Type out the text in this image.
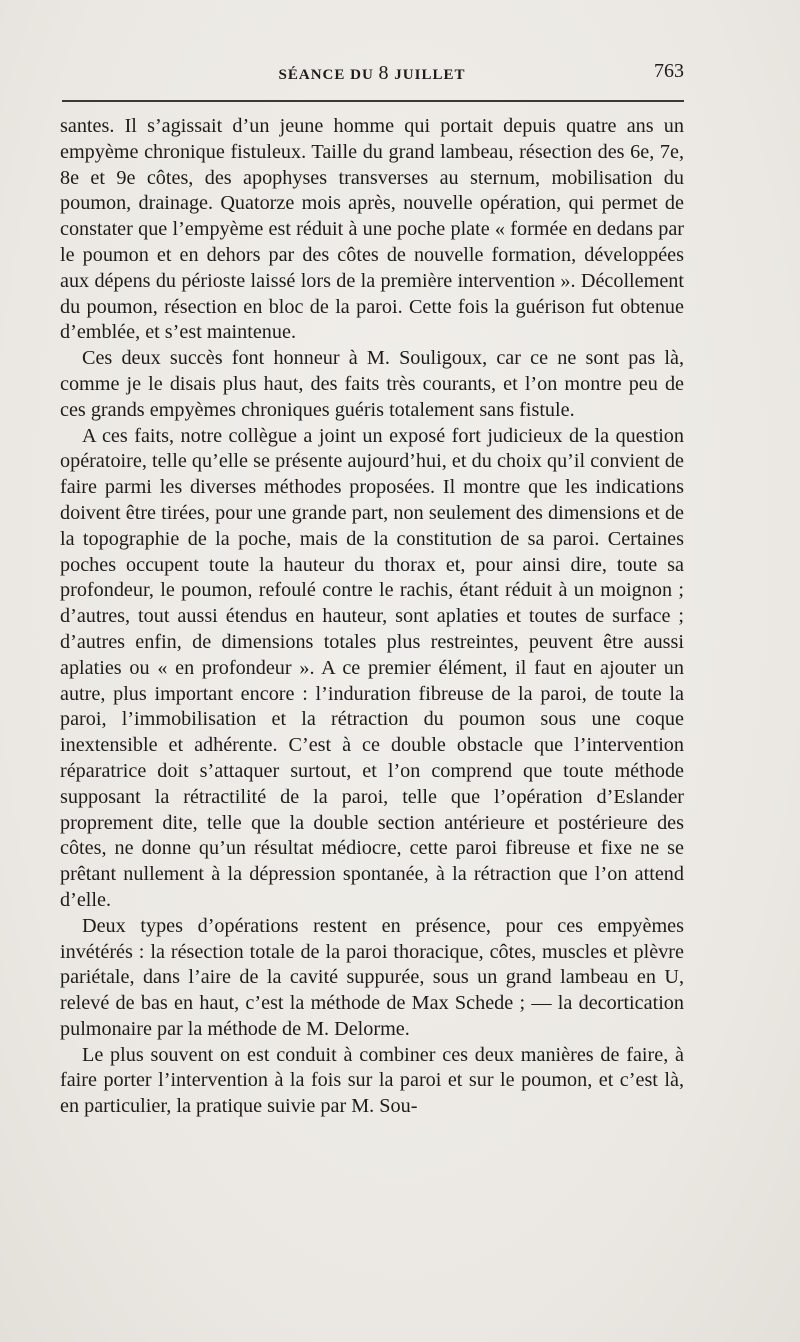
SÉANCE DU 8 JUILLET	763

santes. Il s’agissait d’un jeune homme qui portait depuis quatre ans un empyème chronique fistuleux. Taille du grand lambeau, résection des 6e, 7e, 8e et 9e côtes, des apophyses transverses au sternum, mobilisation du poumon, drainage. Quatorze mois après, nouvelle opération, qui permet de constater que l’empyème est réduit à une poche plate « formée en dedans par le poumon et en dehors par des côtes de nouvelle formation, développées aux dépens du périoste laissé lors de la première intervention ». Décollement du poumon, résection en bloc de la paroi. Cette fois la guérison fut obtenue d’emblée, et s’est maintenue.

Ces deux succès font honneur à M. Souligoux, car ce ne sont pas là, comme je le disais plus haut, des faits très courants, et l’on montre peu de ces grands empyèmes chroniques guéris totalement sans fistule.

A ces faits, notre collègue a joint un exposé fort judicieux de la question opératoire, telle qu’elle se présente aujourd’hui, et du choix qu’il convient de faire parmi les diverses méthodes proposées. Il montre que les indications doivent être tirées, pour une grande part, non seulement des dimensions et de la topographie de la poche, mais de la constitution de sa paroi. Certaines poches occupent toute la hauteur du thorax et, pour ainsi dire, toute sa profondeur, le poumon, refoulé contre le rachis, étant réduit à un moignon ; d’autres, tout aussi étendus en hauteur, sont aplaties et toutes de surface ; d’autres enfin, de dimensions totales plus restreintes, peuvent être aussi aplaties ou « en profondeur ». A ce premier élément, il faut en ajouter un autre, plus important encore : l’induration fibreuse de la paroi, de toute la paroi, l’immobilisation et la rétraction du poumon sous une coque inextensible et adhérente. C’est à ce double obstacle que l’intervention réparatrice doit s’attaquer surtout, et l’on comprend que toute méthode supposant la rétractilité de la paroi, telle que l’opération d’Eslander proprement dite, telle que la double section antérieure et postérieure des côtes, ne donne qu’un résultat médiocre, cette paroi fibreuse et fixe ne se prêtant nullement à la dépression spontanée, à la rétraction que l’on attend d’elle.

Deux types d’opérations restent en présence, pour ces empyèmes invétérés : la résection totale de la paroi thoracique, côtes, muscles et plèvre pariétale, dans l’aire de la cavité suppurée, sous un grand lambeau en U, relevé de bas en haut, c’est la méthode de Max Schede ; — la decortication pulmonaire par la méthode de M. Delorme.

Le plus souvent on est conduit à combiner ces deux manières de faire, à faire porter l’intervention à la fois sur la paroi et sur le poumon, et c’est là, en particulier, la pratique suivie par M. Sou-
